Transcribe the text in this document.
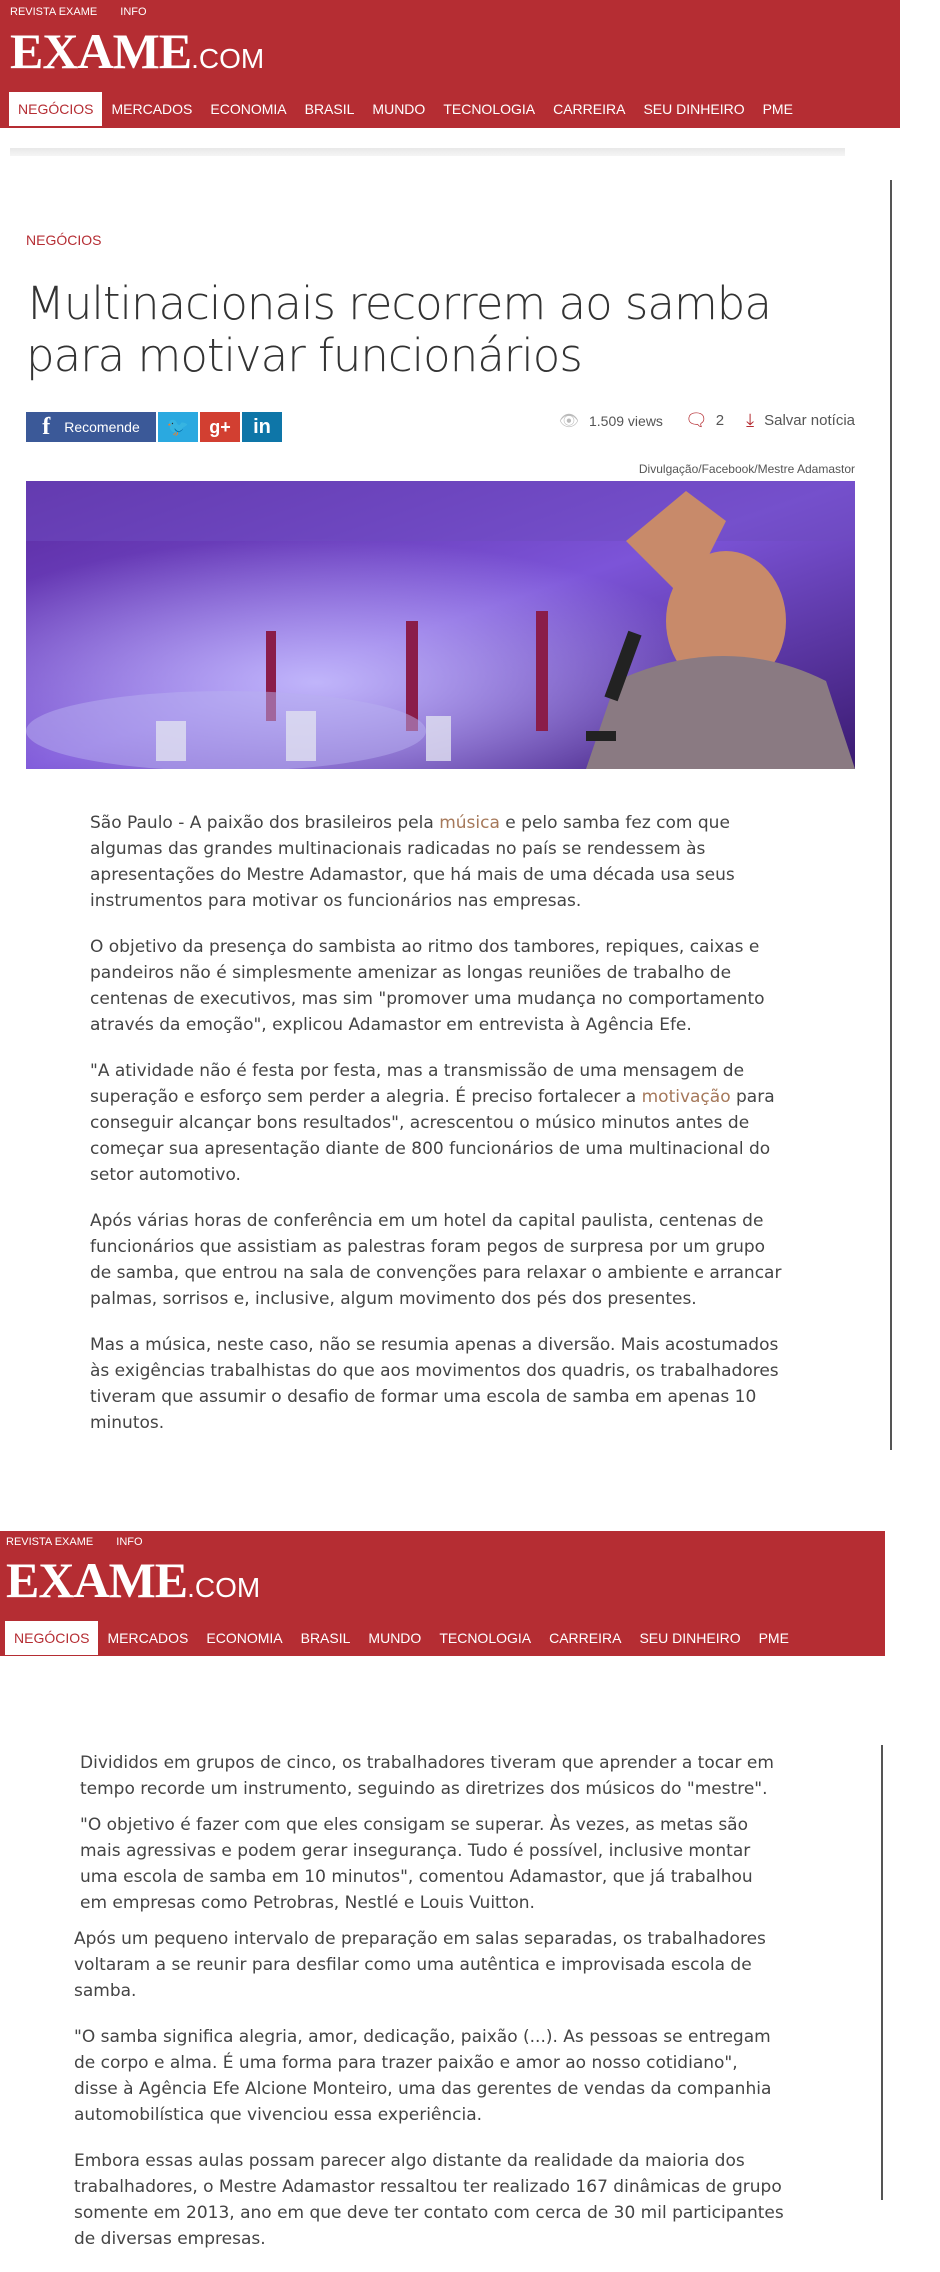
REVISTA EXAME INFO
EXAME.COM
NEGÓCIOS	MERCADOS	ECONOMIA	BRASIL	MUNDO	TECNOLOGIA	CARREIRA	SEU DINHEIRO	PME
NEGÓCIOS
Multinacionais recorrem ao samba para motivar funcionários
f Recomende 🐦 g+ in	👁 1.509 views 🗨 2 ⤓ Salvar notícia
Divulgação/Facebook/Mestre Adamastor

São Paulo - A paixão dos brasileiros pela música e pelo samba fez com que algumas das grandes multinacionais radicadas no país se rendessem às apresentações do Mestre Adamastor, que há mais de uma década usa seus instrumentos para motivar os funcionários nas empresas.

O objetivo da presença do sambista ao ritmo dos tambores, repiques, caixas e pandeiros não é simplesmente amenizar as longas reuniões de trabalho de centenas de executivos, mas sim "promover uma mudança no comportamento através da emoção", explicou Adamastor em entrevista à Agência Efe.

"A atividade não é festa por festa, mas a transmissão de uma mensagem de superação e esforço sem perder a alegria. É preciso fortalecer a motivação para conseguir alcançar bons resultados", acrescentou o músico minutos antes de começar sua apresentação diante de 800 funcionários de uma multinacional do setor automotivo.

Após várias horas de conferência em um hotel da capital paulista, centenas de funcionários que assistiam as palestras foram pegos de surpresa por um grupo de samba, que entrou na sala de convenções para relaxar o ambiente e arrancar palmas, sorrisos e, inclusive, algum movimento dos pés dos presentes.

Mas a música, neste caso, não se resumia apenas a diversão. Mais acostumados às exigências trabalhistas do que aos movimentos dos quadris, os trabalhadores tiveram que assumir o desafio de formar uma escola de samba em apenas 10 minutos.

REVISTA EXAME INFO
EXAME.COM
NEGÓCIOS	MERCADOS	ECONOMIA	BRASIL	MUNDO	TECNOLOGIA	CARREIRA	SEU DINHEIRO	PME

Divididos em grupos de cinco, os trabalhadores tiveram que aprender a tocar em tempo recorde um instrumento, seguindo as diretrizes dos músicos do "mestre".

"O objetivo é fazer com que eles consigam se superar. Às vezes, as metas são mais agressivas e podem gerar insegurança. Tudo é possível, inclusive montar uma escola de samba em 10 minutos", comentou Adamastor, que já trabalhou em empresas como Petrobras, Nestlé e Louis Vuitton.

Após um pequeno intervalo de preparação em salas separadas, os trabalhadores voltaram a se reunir para desfilar como uma autêntica e improvisada escola de samba.

"O samba significa alegria, amor, dedicação, paixão (...). As pessoas se entregam de corpo e alma. É uma forma para trazer paixão e amor ao nosso cotidiano", disse à Agência Efe Alcione Monteiro, uma das gerentes de vendas da companhia automobilística que vivenciou essa experiência.

Embora essas aulas possam parecer algo distante da realidade da maioria dos trabalhadores, o Mestre Adamastor ressaltou ter realizado 167 dinâmicas de grupo somente em 2013, ano em que deve ter contato com cerca de 30 mil participantes de diversas empresas.
